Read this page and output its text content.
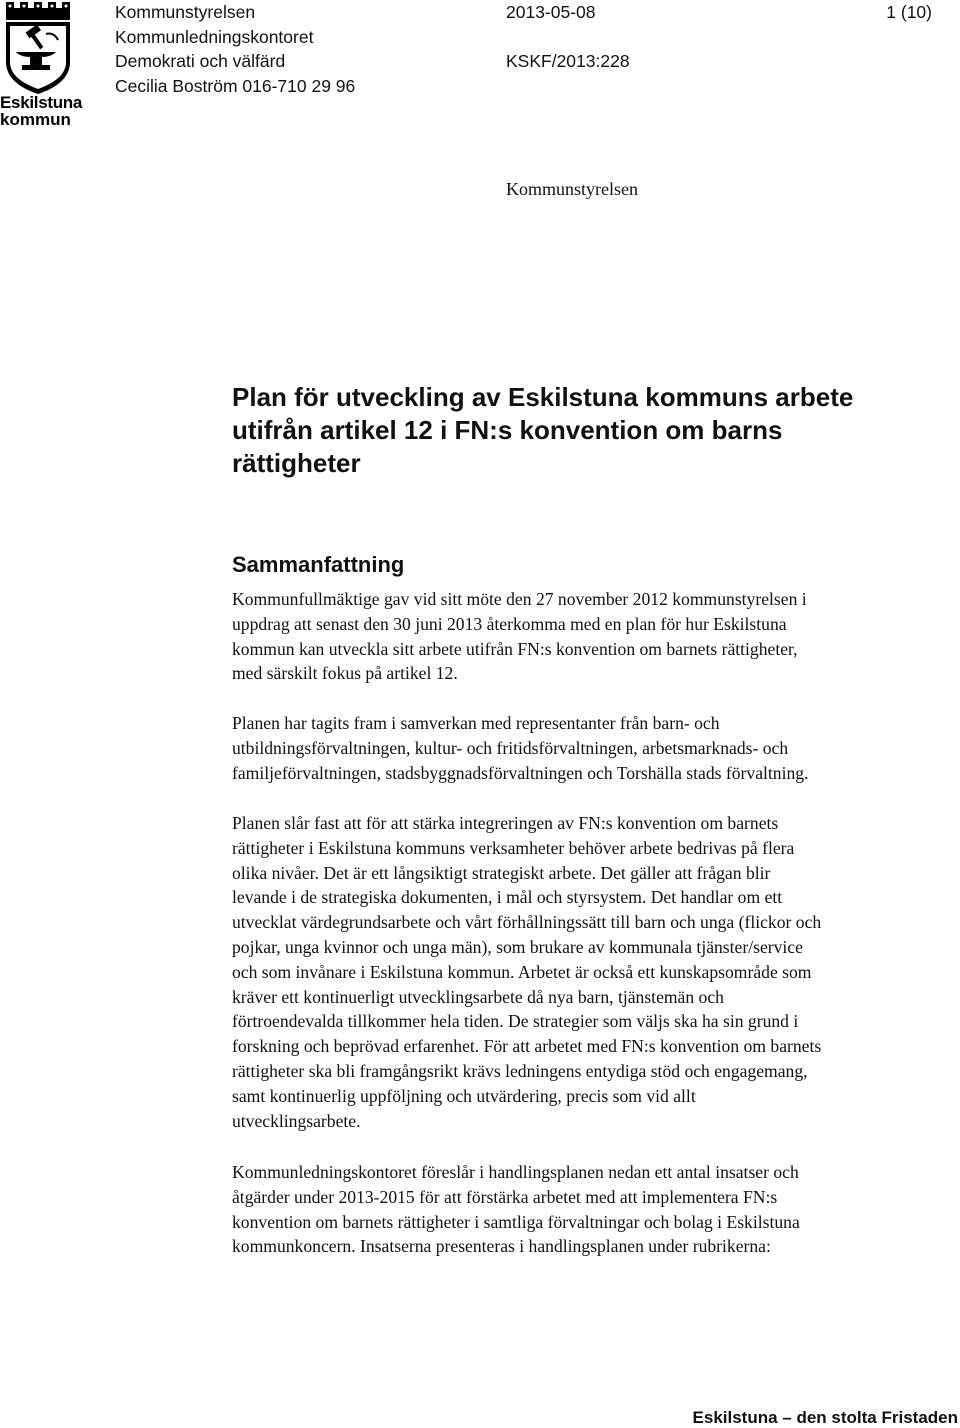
Eskilstuna
kommun
Kommunstyrelsen
Kommunledningskontoret
Demokrati och välfärd
Cecilia Boström 016-710 29 96
2013-05-08
KSKF/2013:228
1 (10)
Kommunstyrelsen
Plan för utveckling av Eskilstuna kommuns arbete
utifrån artikel 12 i FN:s konvention om barns
rättigheter
Sammanfattning
Kommunfullmäktige gav vid sitt möte den 27 november 2012 kommunstyrelsen i
uppdrag att senast den 30 juni 2013 återkomma med en plan för hur Eskilstuna
kommun kan utveckla sitt arbete utifrån FN:s konvention om barnets rättigheter,
med särskilt fokus på artikel 12.
Planen har tagits fram i samverkan med representanter från barn- och
utbildningsförvaltningen, kultur- och fritidsförvaltningen, arbetsmarknads- och
familjeförvaltningen, stadsbyggnadsförvaltningen och Torshälla stads förvaltning.
Planen slår fast att för att stärka integreringen av FN:s konvention om barnets
rättigheter i Eskilstuna kommuns verksamheter behöver arbete bedrivas på flera
olika nivåer. Det är ett långsiktigt strategiskt arbete. Det gäller att frågan blir
levande i de strategiska dokumenten, i mål och styrsystem. Det handlar om ett
utvecklat värdegrundsarbete och vårt förhållningssätt till barn och unga (flickor och
pojkar, unga kvinnor och unga män), som brukare av kommunala tjänster/service
och som invånare i Eskilstuna kommun. Arbetet är också ett kunskapsområde som
kräver ett kontinuerligt utvecklingsarbete då nya barn, tjänstemän och
förtroendevalda tillkommer hela tiden. De strategier som väljs ska ha sin grund i
forskning och beprövad erfarenhet. För att arbetet med FN:s konvention om barnets
rättigheter ska bli framgångsrikt krävs ledningens entydiga stöd och engagemang,
samt kontinuerlig uppföljning och utvärdering, precis som vid allt
utvecklingsarbete.
Kommunledningskontoret föreslår i handlingsplanen nedan ett antal insatser och
åtgärder under 2013-2015 för att förstärka arbetet med att implementera FN:s
konvention om barnets rättigheter i samtliga förvaltningar och bolag i Eskilstuna
kommunkoncern. Insatserna presenteras i handlingsplanen under rubrikerna:
Eskilstuna – den stolta Fristaden
